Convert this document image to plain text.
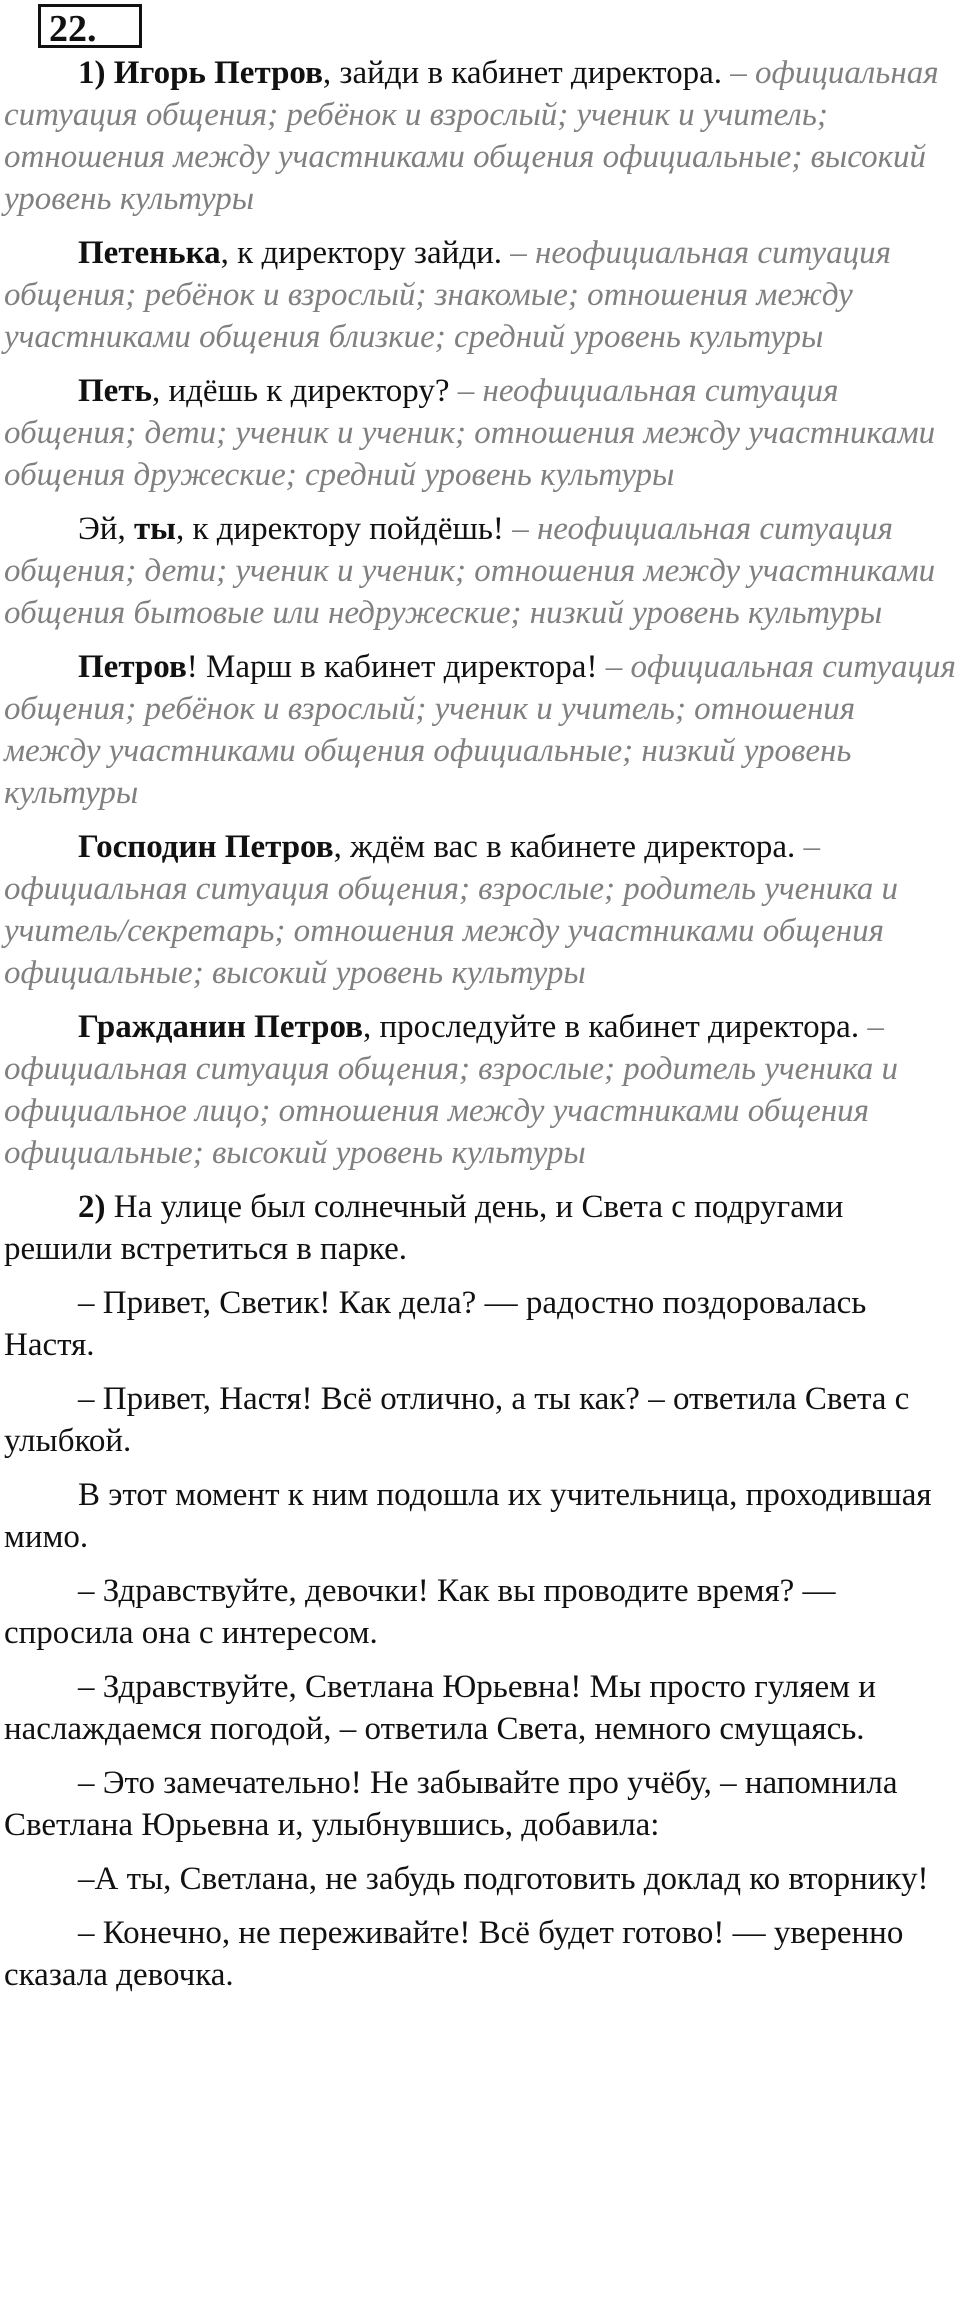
22.

1) Игорь Петров, зайди в кабинет директора. – официальная ситуация общения; ребёнок и взрослый; ученик и учитель; отношения между участниками общения официальные; высокий уровень культуры

Петенька, к директору зайди. – неофициальная ситуация общения; ребёнок и взрослый; знакомые; отношения между участниками общения близкие; средний уровень культуры

Петь, идёшь к директору? – неофициальная ситуация общения; дети; ученик и ученик; отношения между участниками общения дружеские; средний уровень культуры

Эй, ты, к директору пойдёшь! – неофициальная ситуация общения; дети; ученик и ученик; отношения между участниками общения бытовые или недружеские; низкий уровень культуры

Петров! Марш в кабинет директора! – официальная ситуация общения; ребёнок и взрослый; ученик и учитель; отношения между участниками общения официальные; низкий уровень культуры

Господин Петров, ждём вас в кабинете директора. – официальная ситуация общения; взрослые; родитель ученика и учитель/секретарь; отношения между участниками общения официальные; высокий уровень культуры

Гражданин Петров, проследуйте в кабинет директора. – официальная ситуация общения; взрослые; родитель ученика и официальное лицо; отношения между участниками общения официальные; высокий уровень культуры

2) На улице был солнечный день, и Света с подругами решили встретиться в парке.

– Привет, Светик! Как дела? — радостно поздоровалась Настя.

– Привет, Настя! Всё отлично, а ты как? – ответила Света с улыбкой.

В этот момент к ним подошла их учительница, проходившая мимо.

– Здравствуйте, девочки! Как вы проводите время? — спросила она с интересом.

– Здравствуйте, Светлана Юрьевна! Мы просто гуляем и наслаждаемся погодой, – ответила Света, немного смущаясь.

– Это замечательно! Не забывайте про учёбу, – напомнила Светлана Юрьевна и, улыбнувшись, добавила:

–А ты, Светлана, не забудь подготовить доклад ко вторнику!

– Конечно, не переживайте! Всё будет готово! — уверенно сказала девочка.
